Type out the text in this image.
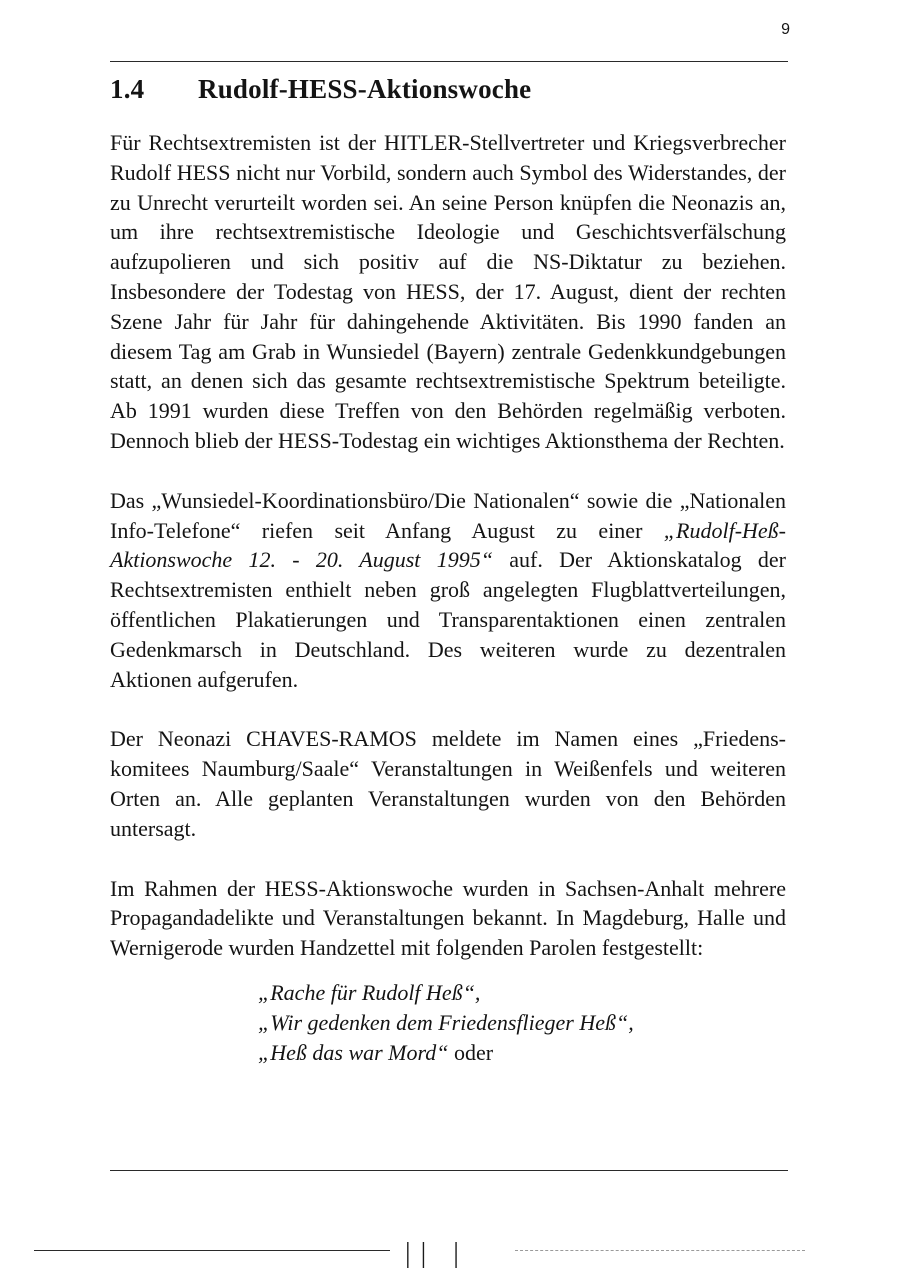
9
1.4 Rudolf-HESS-Aktionswoche

Für Rechtsextremisten ist der HITLER-Stellvertreter und Kriegsverbrecher Rudolf HESS nicht nur Vorbild, sondern auch Symbol des Widerstandes, der zu Unrecht verurteilt worden sei. An seine Person knüpfen die Neonazis an, um ihre rechtsextremistische Ideologie und Geschichtsverfälschung aufzupolieren und sich positiv auf die NS-Diktatur zu beziehen. Insbesondere der Todestag von HESS, der 17. August, dient der rechten Szene Jahr für Jahr für dahingehende Aktivitäten. Bis 1990 fanden an diesem Tag am Grab in Wunsiedel (Bayern) zentrale Gedenkkundgebungen statt, an denen sich das gesamte rechtsextremistische Spektrum beteiligte. Ab 1991 wurden diese Treffen von den Behörden regelmäßig verboten. Dennoch blieb der HESS-Todestag ein wichtiges Aktionsthema der Rechten.

Das „Wunsiedel-Koordinationsbüro/Die Nationalen“ sowie die „Nationalen Info-Telefone“ riefen seit Anfang August zu einer „Rudolf-Heß-Aktionswoche 12. - 20. August 1995“ auf. Der Aktionskatalog der Rechtsextremisten enthielt neben groß angelegten Flugblattverteilungen, öffentlichen Plakatierungen und Transparentaktionen einen zentralen Gedenkmarsch in Deutschland. Des weiteren wurde zu dezentralen Aktionen aufgerufen.

Der Neonazi CHAVES-RAMOS meldete im Namen eines „Friedenskomitees Naumburg/Saale“ Veranstaltungen in Weißenfels und weiteren Orten an. Alle geplanten Veranstaltungen wurden von den Behörden untersagt.

Im Rahmen der HESS-Aktionswoche wurden in Sachsen-Anhalt mehrere Propagandadelikte und Veranstaltungen bekannt. In Magdeburg, Halle und Wernigerode wurden Handzettel mit folgenden Parolen festgestellt:

„Rache für Rudolf Heß“,
„Wir gedenken dem Friedensflieger Heß“,
„Heß das war Mord“ oder
|| |
